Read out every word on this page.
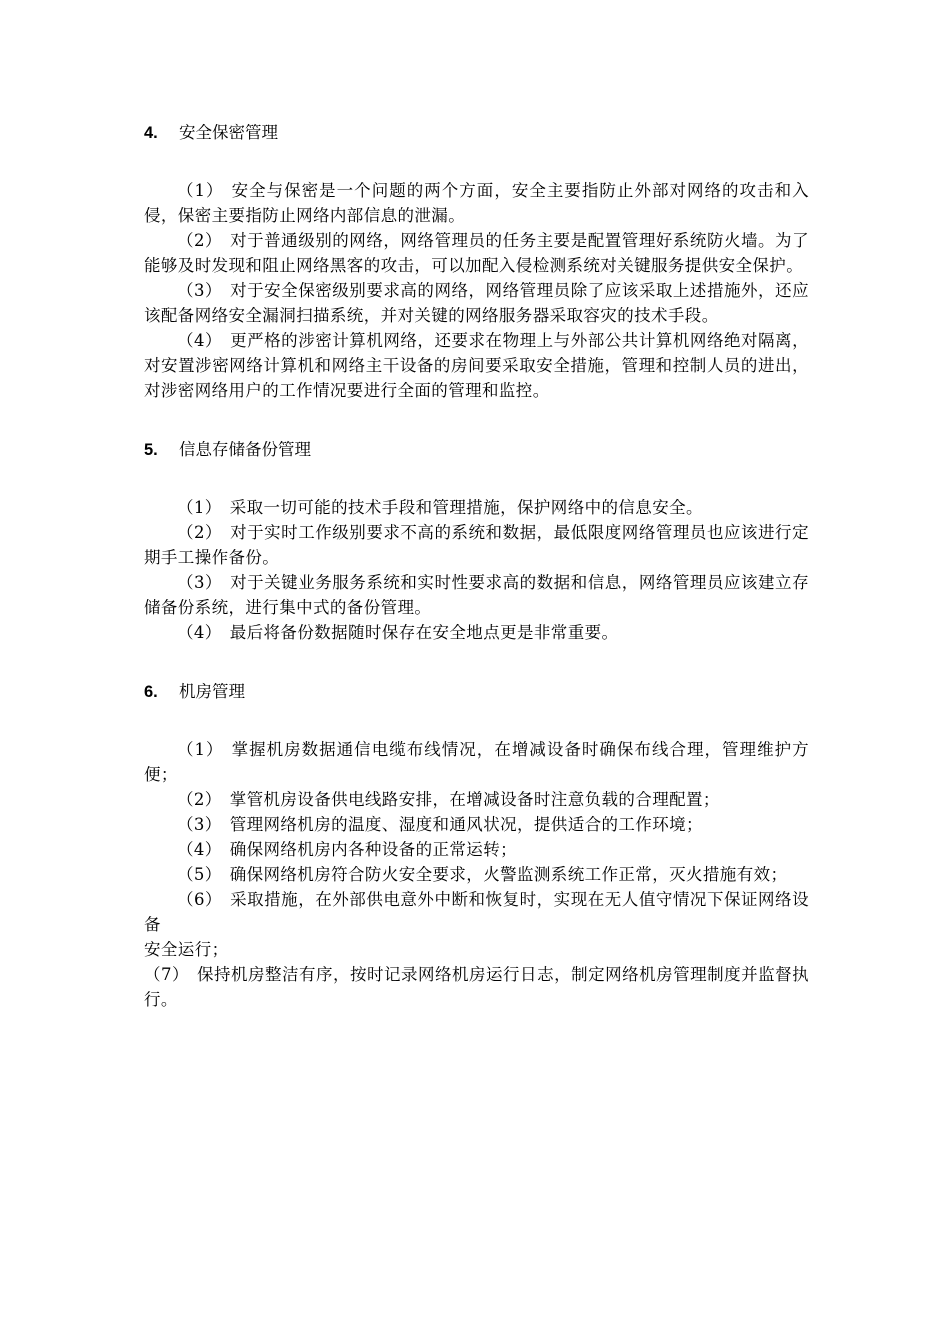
4. 安全保密管理

（1） 安全与保密是一个问题的两个方面，安全主要指防止外部对网络的攻击和入侵，保密主要指防止网络内部信息的泄漏。

（2） 对于普通级别的网络，网络管理员的任务主要是配置管理好系统防火墙。为了能够及时发现和阻止网络黑客的攻击，可以加配入侵检测系统对关键服务提供安全保护。

（3） 对于安全保密级别要求高的网络，网络管理员除了应该采取上述措施外，还应该配备网络安全漏洞扫描系统，并对关键的网络服务器采取容灾的技术手段。

（4） 更严格的涉密计算机网络，还要求在物理上与外部公共计算机网络绝对隔离，对安置涉密网络计算机和网络主干设备的房间要采取安全措施，管理和控制人员的进出，对涉密网络用户的工作情况要进行全面的管理和监控。

5. 信息存储备份管理

（1） 采取一切可能的技术手段和管理措施，保护网络中的信息安全。

（2） 对于实时工作级别要求不高的系统和数据，最低限度网络管理员也应该进行定期手工操作备份。

（3） 对于关键业务服务系统和实时性要求高的数据和信息，网络管理员应该建立存储备份系统，进行集中式的备份管理。

（4） 最后将备份数据随时保存在安全地点更是非常重要。

6. 机房管理

（1） 掌握机房数据通信电缆布线情况，在增减设备时确保布线合理，管理维护方便；

（2） 掌管机房设备供电线路安排，在增减设备时注意负载的合理配置；

（3） 管理网络机房的温度、湿度和通风状况，提供适合的工作环境；

（4） 确保网络机房内各种设备的正常运转；

（5） 确保网络机房符合防火安全要求，火警监测系统工作正常，灭火措施有效；

（6） 采取措施，在外部供电意外中断和恢复时，实现在无人值守情况下保证网络设备

安全运行；

（7） 保持机房整洁有序，按时记录网络机房运行日志，制定网络机房管理制度并监督执行。
